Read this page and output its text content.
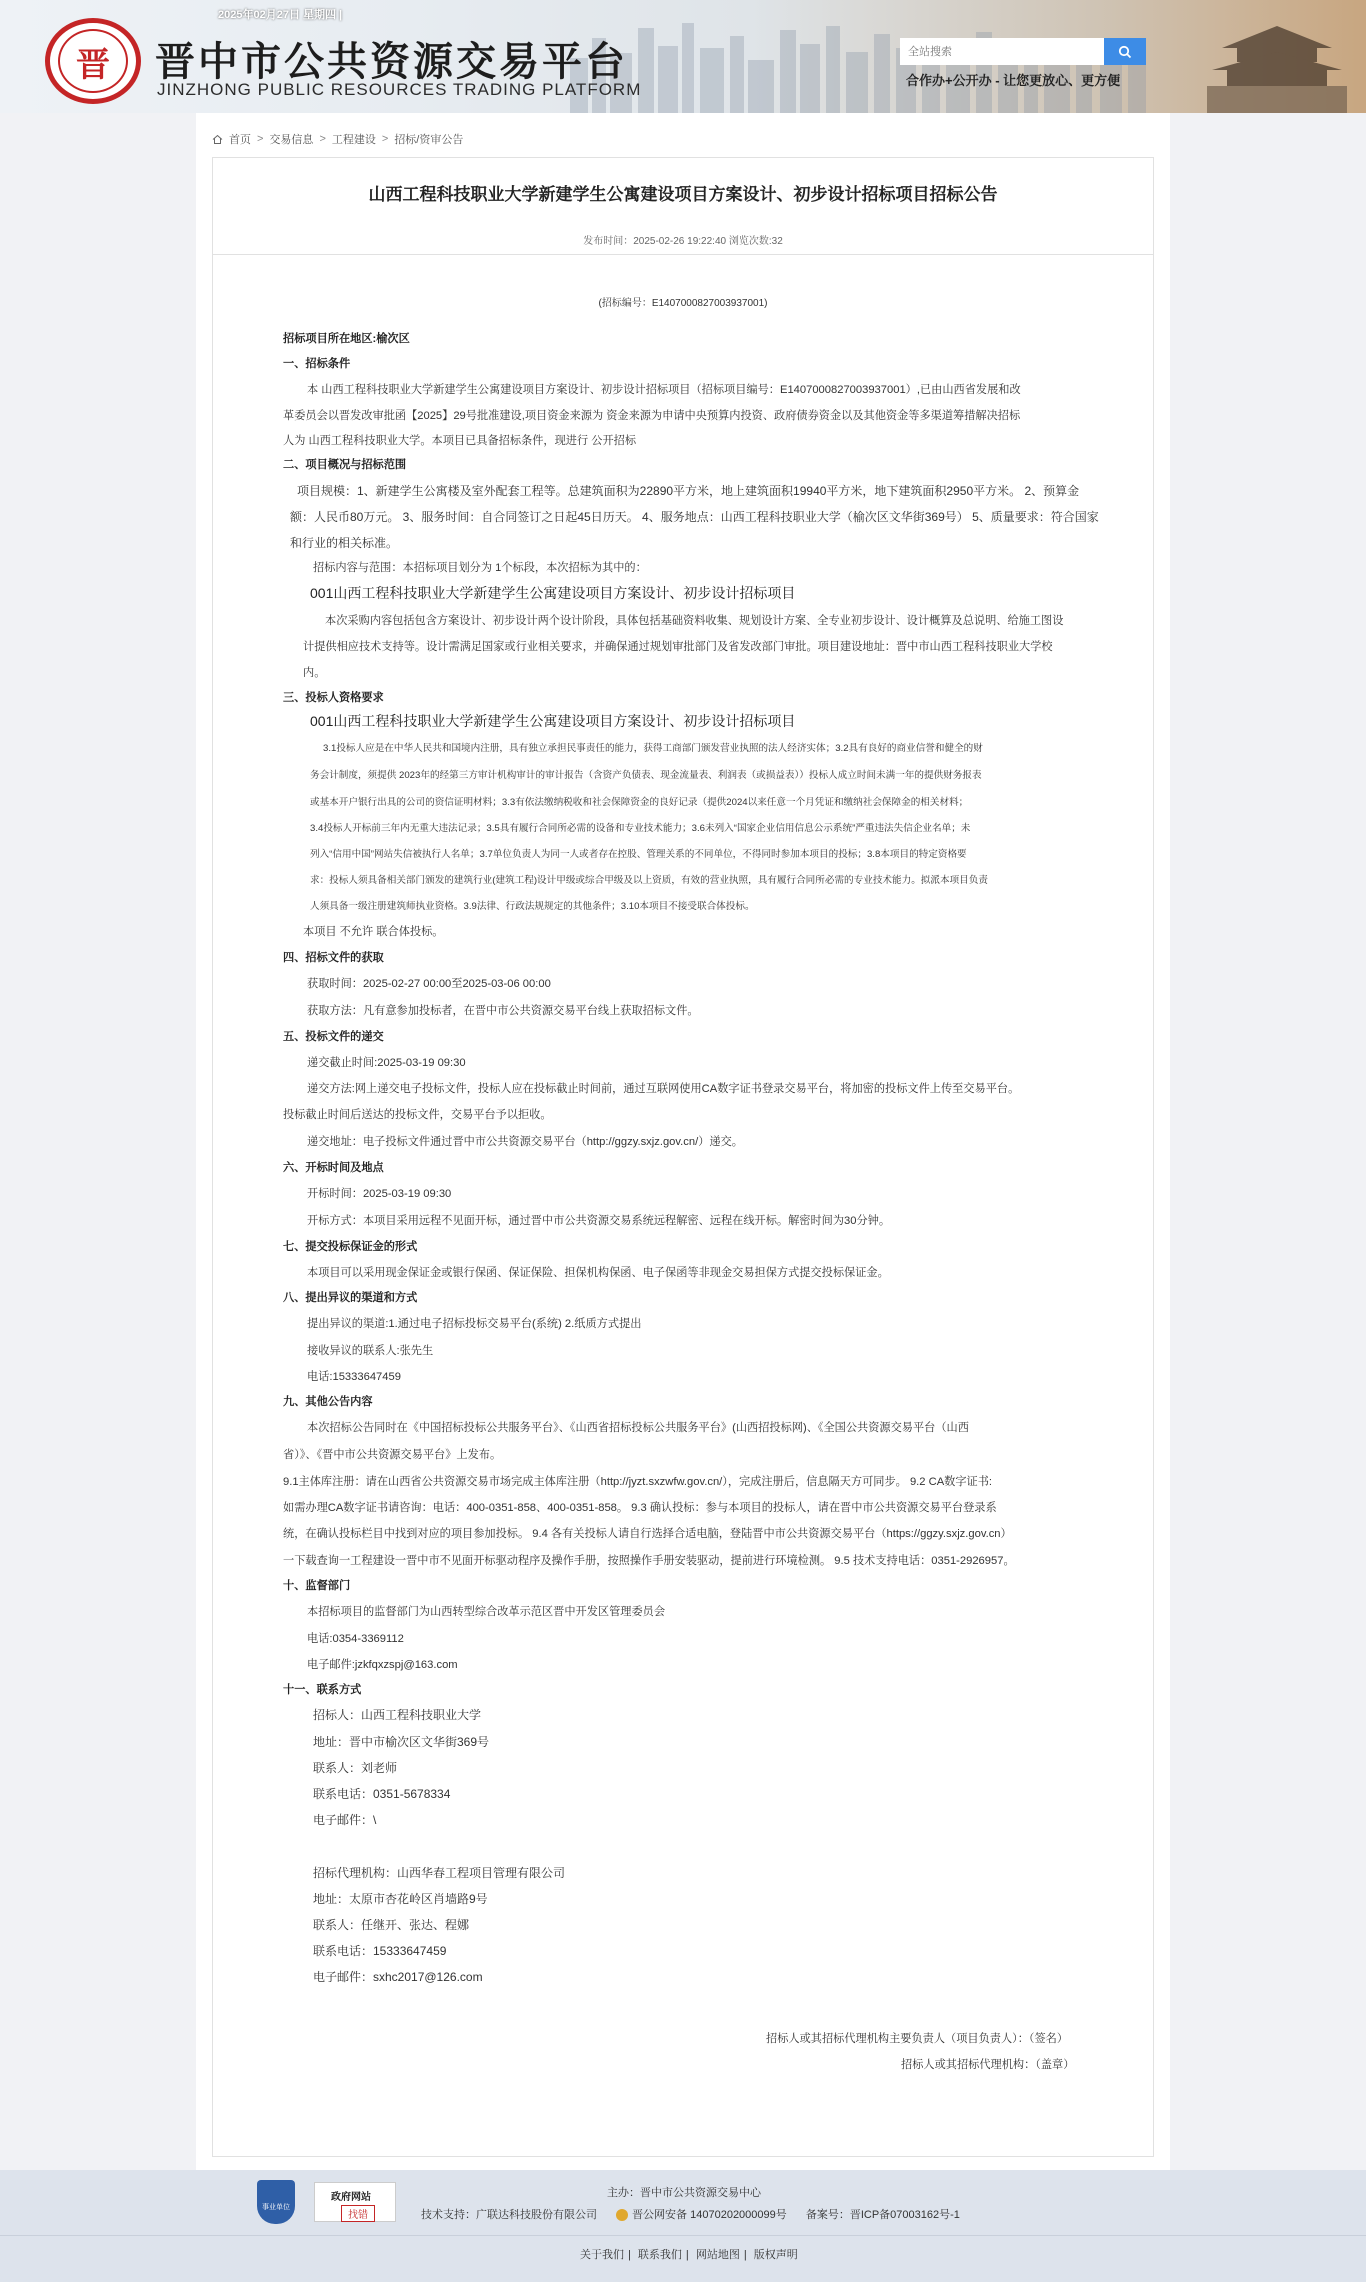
2025年02月27日 星期四 |
晋	晋中市公共资源交易平台
JINZHONG PUBLIC RESOURCES TRADING PLATFORM
全站搜索	合作办+公开办 - 让您更放心、更方便
首页 > 交易信息 > 工程建设 > 招标/资审公告
山西工程科技职业大学新建学生公寓建设项目方案设计、初步设计招标项目招标公告
发布时间：2025-02-26 19:22:40 浏览次数:32
(招标编号：E1407000827003937001)
招标项目所在地区:榆次区
一、招标条件
本 山西工程科技职业大学新建学生公寓建设项目方案设计、初步设计招标项目（招标项目编号：E1407000827003937001）,已由山西省发展和改
革委员会以晋发改审批函【2025】29号批准建设,项目资金来源为 资金来源为申请中央预算内投资、政府债券资金以及其他资金等多渠道筹措解决招标
人为 山西工程科技职业大学。本项目已具备招标条件，现进行 公开招标
二、项目概况与招标范围
项目规模：1、新建学生公寓楼及室外配套工程等。总建筑面积为22890平方米，地上建筑面积19940平方米，地下建筑面积2950平方米。 2、预算金
额：人民币80万元。 3、服务时间：自合同签订之日起45日历天。 4、服务地点：山西工程科技职业大学（榆次区文华街369号） 5、质量要求：符合国家
和行业的相关标准。
招标内容与范围：本招标项目划分为 1个标段，本次招标为其中的：
001山西工程科技职业大学新建学生公寓建设项目方案设计、初步设计招标项目
本次采购内容包括包含方案设计、初步设计两个设计阶段，具体包括基础资料收集、规划设计方案、全专业初步设计、设计概算及总说明、给施工图设
计提供相应技术支持等。设计需满足国家或行业相关要求，并确保通过规划审批部门及省发改部门审批。项目建设地址：晋中市山西工程科技职业大学校
内。
三、投标人资格要求
001山西工程科技职业大学新建学生公寓建设项目方案设计、初步设计招标项目
3.1投标人应是在中华人民共和国境内注册，具有独立承担民事责任的能力，获得工商部门颁发营业执照的法人经济实体；3.2具有良好的商业信誉和健全的财
务会计制度，须提供 2023年的经第三方审计机构审计的审计报告（含资产负债表、现金流量表、利润表（或损益表））投标人成立时间未满一年的提供财务报表
或基本开户银行出具的公司的资信证明材料；3.3有依法缴纳税收和社会保障资金的良好记录（提供2024以来任意一个月凭证和缴纳社会保障金的相关材料；
3.4投标人开标前三年内无重大违法记录；3.5具有履行合同所必需的设备和专业技术能力；3.6未列入“国家企业信用信息公示系统”严重违法失信企业名单；未
列入“信用中国”网站失信被执行人名单；3.7单位负责人为同一人或者存在控股、管理关系的不同单位，不得同时参加本项目的投标；3.8本项目的特定资格要
求：投标人须具备相关部门颁发的建筑行业(建筑工程)设计甲级或综合甲级及以上资质，有效的营业执照，具有履行合同所必需的专业技术能力。拟派本项目负责
人须具备一级注册建筑师执业资格。3.9法律、行政法规规定的其他条件；3.10本项目不接受联合体投标。
本项目 不允许 联合体投标。
四、招标文件的获取
获取时间：2025-02-27 00:00至2025-03-06 00:00
获取方法：凡有意参加投标者，在晋中市公共资源交易平台线上获取招标文件。
五、投标文件的递交
递交截止时间:2025-03-19 09:30
递交方法:网上递交电子投标文件，投标人应在投标截止时间前，通过互联网使用CA数字证书登录交易平台，将加密的投标文件上传至交易平台。
投标截止时间后送达的投标文件，交易平台予以拒收。
递交地址：电子投标文件通过晋中市公共资源交易平台（http://ggzy.sxjz.gov.cn/）递交。
六、开标时间及地点
开标时间：2025-03-19 09:30
开标方式：本项目采用远程不见面开标，通过晋中市公共资源交易系统远程解密、远程在线开标。解密时间为30分钟。
七、提交投标保证金的形式
本项目可以采用现金保证金或银行保函、保证保险、担保机构保函、电子保函等非现金交易担保方式提交投标保证金。
八、提出异议的渠道和方式
提出异议的渠道:1.通过电子招标投标交易平台(系统) 2.纸质方式提出
接收异议的联系人:张先生
电话:15333647459
九、其他公告内容
本次招标公告同时在《中国招标投标公共服务平台》、《山西省招标投标公共服务平台》(山西招投标网)、《全国公共资源交易平台（山西
省）》、《晋中市公共资源交易平台》上发布。
9.1主体库注册：请在山西省公共资源交易市场完成主体库注册（http://jyzt.sxzwfw.gov.cn/），完成注册后，信息隔天方可同步。 9.2 CA数字证书:
如需办理CA数字证书请咨询：电话：400-0351-858、400-0351-858。 9.3 确认投标：参与本项目的投标人，请在晋中市公共资源交易平台登录系
统，在确认投标栏目中找到对应的项目参加投标。 9.4 各有关投标人请自行选择合适电脑，登陆晋中市公共资源交易平台（https://ggzy.sxjz.gov.cn）
一下载查询一工程建设一晋中市不见面开标驱动程序及操作手册，按照操作手册安装驱动，提前进行环境检测。 9.5 技术支持电话：0351-2926957。
十、监督部门
本招标项目的监督部门为山西转型综合改革示范区晋中开发区管理委员会
电话:0354-3369112
电子邮件:jzkfqxzspj@163.com
十一、联系方式
招标人：山西工程科技职业大学
地址：晋中市榆次区文华街369号
联系人：刘老师
联系电话：0351-5678334
电子邮件：\
招标代理机构：山西华春工程项目管理有限公司
地址：太原市杏花岭区肖墙路9号
联系人：任继开、张达、程娜
联系电话：15333647459
电子邮件：sxhc2017@126.com
招标人或其招标代理机构主要负责人（项目负责人）：（签名）
招标人或其招标代理机构：（盖章）
事业单位
政府网站
找错
主办：晋中市公共资源交易中心
技术支持：广联达科技股份有限公司	晋公网安备 14070202000099号 备案号：晋ICP备07003162号-1
关于我们 | 联系我们 | 网站地图 | 版权声明
